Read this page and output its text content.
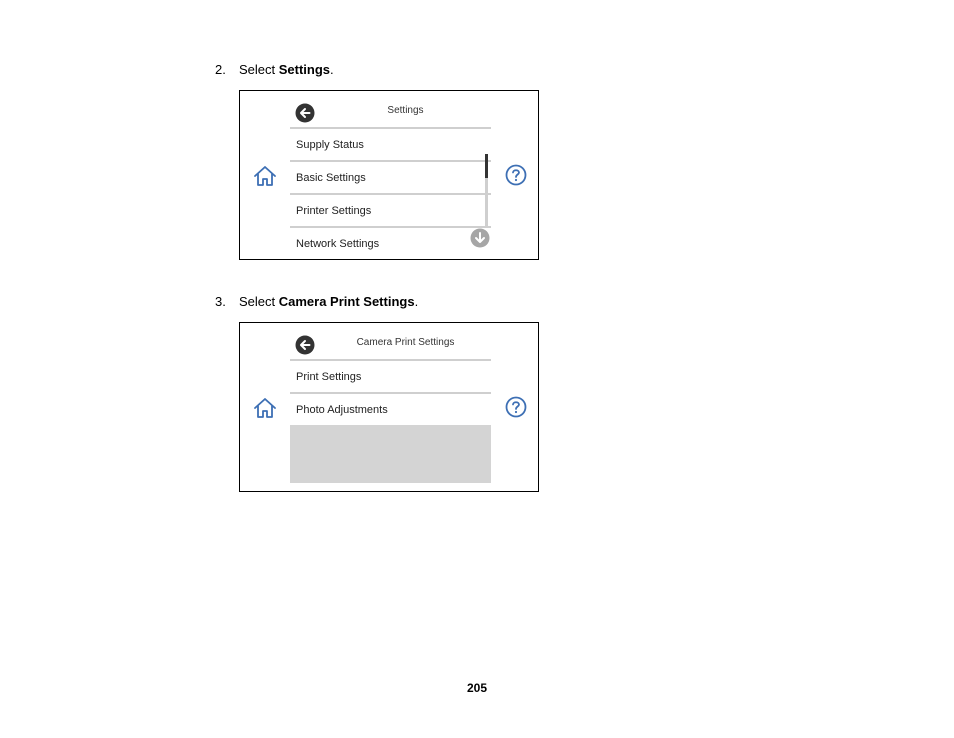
2. Select Settings.
Settings
Supply Status
Basic Settings
Printer Settings
Network Settings
3. Select Camera Print Settings.
Camera Print Settings
Print Settings
Photo Adjustments
205
